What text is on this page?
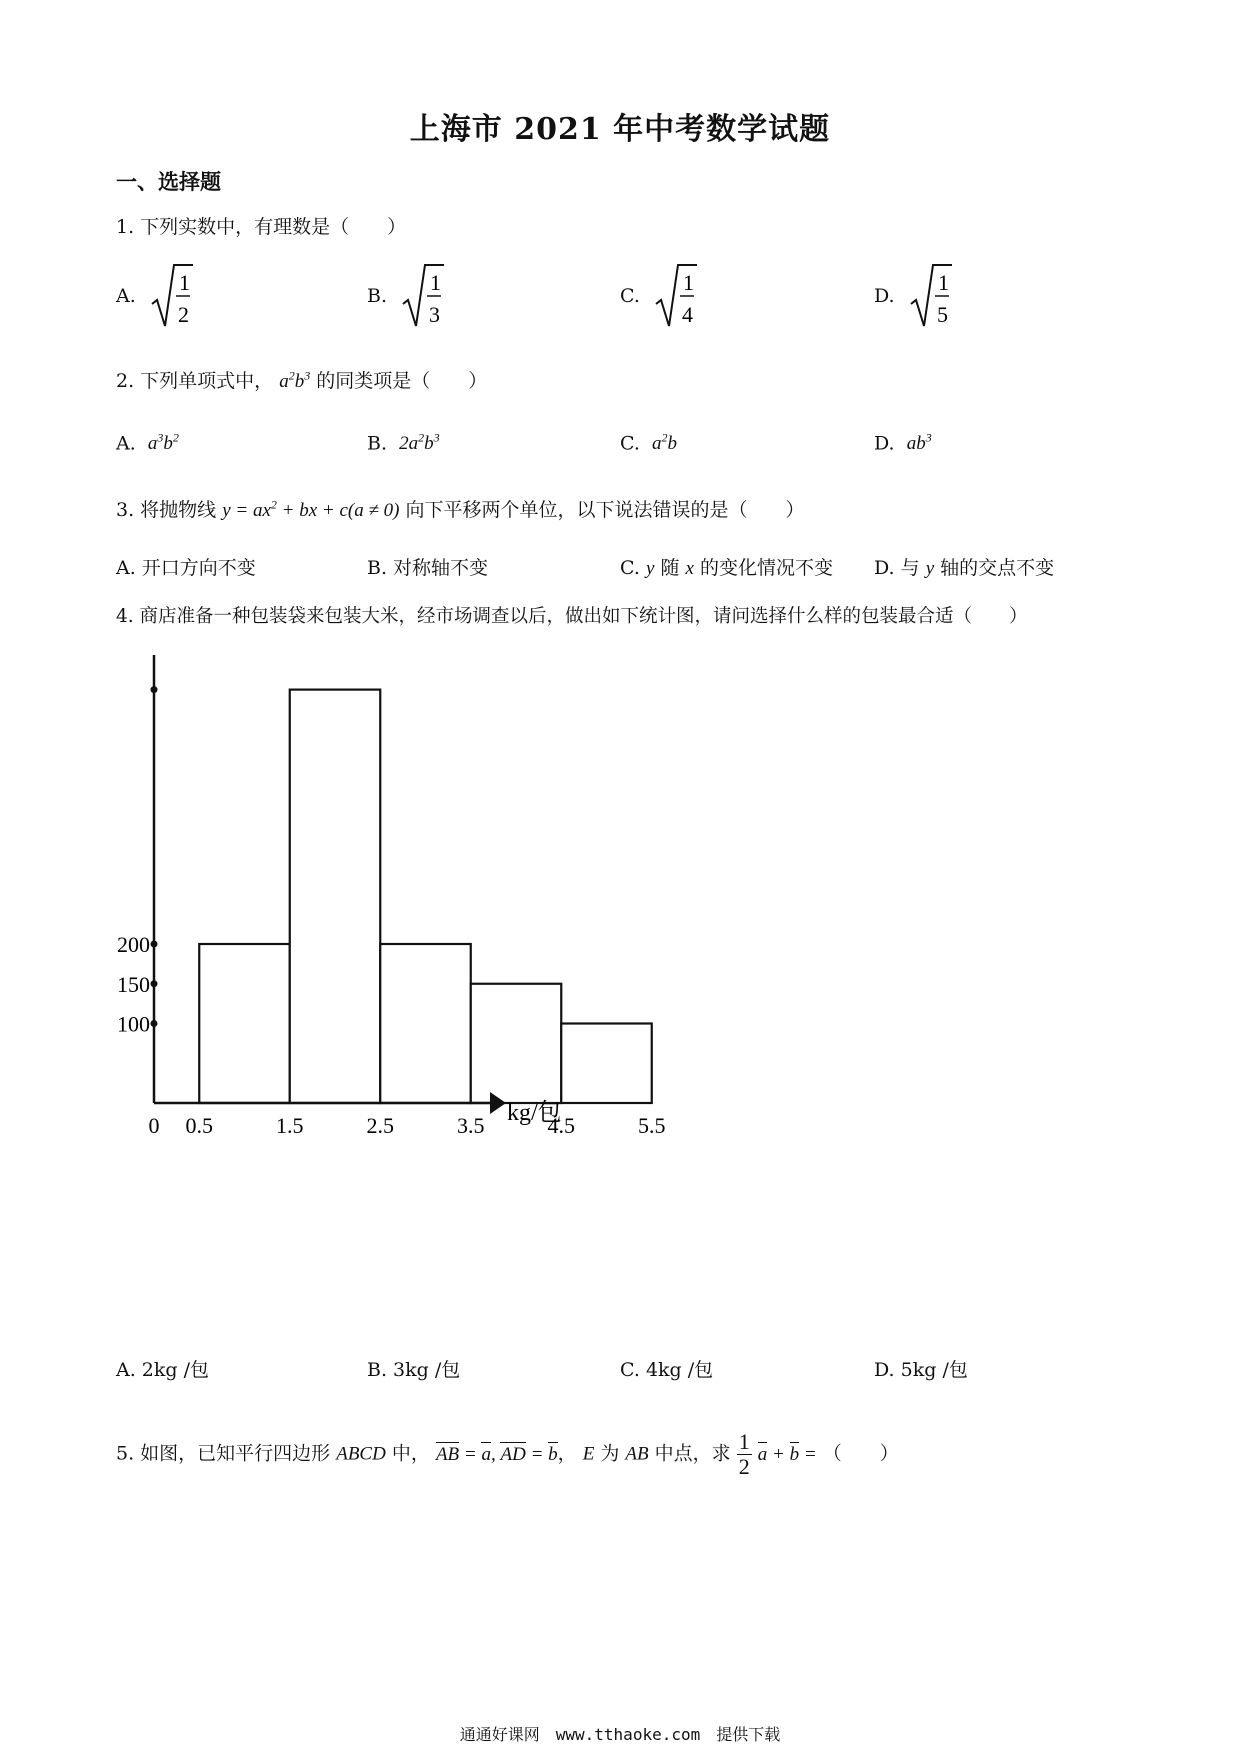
上海市 2021 年中考数学试题
一、选择题
1. 下列实数中，有理数是（　　）
A.
1
2
B.
1
3
C.
1
4
D.
1
5
2. 下列单项式中， $a^2b^3$ 的同类项是（　　）
A. $a^3b^2$	B. $2a^2b^3$	C. $a^2b$	D. $ab^3$
3. 将抛物线 $y = ax^2$ + bx + c(a ≠ 0) 向下平移两个单位，以下说法错误的是（　　）
A. 开口方向不变	B. 对称轴不变	C. y 随 x 的变化情况不变 D. 与 y 轴的交点不变
4. 商店准备一种包装袋来包装大米，经市场调查以后，做出如下统计图，请问选择什么样的包装最合适（　　）
kg/包
100
150
200
0 0.5	1.5	2.5	3.5	4.5	5.5
A. 2kg /包	B. 3kg /包	C. 4kg /包	D. 5kg /包
5. 如图，已知平行四边形 ABCD 中， AB = a, AD = b， E 为 AB 中点，求 $\frac{1}{2}$ a + b = （　　）
通通好课网　www.tthaoke.com　提供下载
